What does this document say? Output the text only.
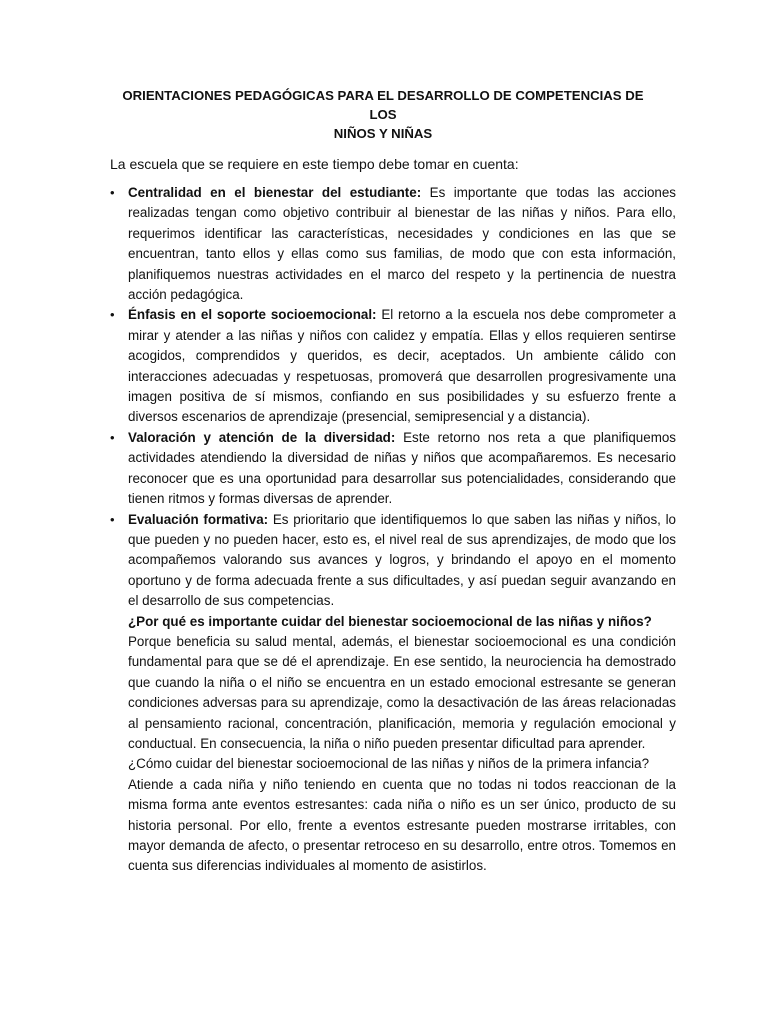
ORIENTACIONES PEDAGÓGICAS PARA EL DESARROLLO DE COMPETENCIAS DE LOS
NIÑOS Y NIÑAS

La escuela que se requiere en este tiempo debe tomar en cuenta:

• Centralidad en el bienestar del estudiante: Es importante que todas las acciones realizadas tengan como objetivo contribuir al bienestar de las niñas y niños. Para ello, requerimos identificar las características, necesidades y condiciones en las que se encuentran, tanto ellos y ellas como sus familias, de modo que con esta información, planifiquemos nuestras actividades en el marco del respeto y la pertinencia de nuestra acción pedagógica.
• Énfasis en el soporte socioemocional: El retorno a la escuela nos debe comprometer a mirar y atender a las niñas y niños con calidez y empatía. Ellas y ellos requieren sentirse acogidos, comprendidos y queridos, es decir, aceptados. Un ambiente cálido con interacciones adecuadas y respetuosas, promoverá que desarrollen progresivamente una imagen positiva de sí mismos, confiando en sus posibilidades y su esfuerzo frente a diversos escenarios de aprendizaje (presencial, semipresencial y a distancia).
• Valoración y atención de la diversidad: Este retorno nos reta a que planifiquemos actividades atendiendo la diversidad de niñas y niños que acompañaremos. Es necesario reconocer que es una oportunidad para desarrollar sus potencialidades, considerando que tienen ritmos y formas diversas de aprender.
• Evaluación formativa: Es prioritario que identifiquemos lo que saben las niñas y niños, lo que pueden y no pueden hacer, esto es, el nivel real de sus aprendizajes, de modo que los acompañemos valorando sus avances y logros, y brindando el apoyo en el momento oportuno y de forma adecuada frente a sus dificultades, y así puedan seguir avanzando en el desarrollo de sus competencias.

¿Por qué es importante cuidar del bienestar socioemocional de las niñas y niños?

Porque beneficia su salud mental, además, el bienestar socioemocional es una condición fundamental para que se dé el aprendizaje. En ese sentido, la neurociencia ha demostrado que cuando la niña o el niño se encuentra en un estado emocional estresante se generan condiciones adversas para su aprendizaje, como la desactivación de las áreas relacionadas al pensamiento racional, concentración, planificación, memoria y regulación emocional y conductual. En consecuencia, la niña o niño pueden presentar dificultad para aprender.

¿Cómo cuidar del bienestar socioemocional de las niñas y niños de la primera infancia?

Atiende a cada niña y niño teniendo en cuenta que no todas ni todos reaccionan de la misma forma ante eventos estresantes: cada niña o niño es un ser único, producto de su historia personal. Por ello, frente a eventos estresante pueden mostrarse irritables, con mayor demanda de afecto, o presentar retroceso en su desarrollo, entre otros. Tomemos en cuenta sus diferencias individuales al momento de asistirlos.
